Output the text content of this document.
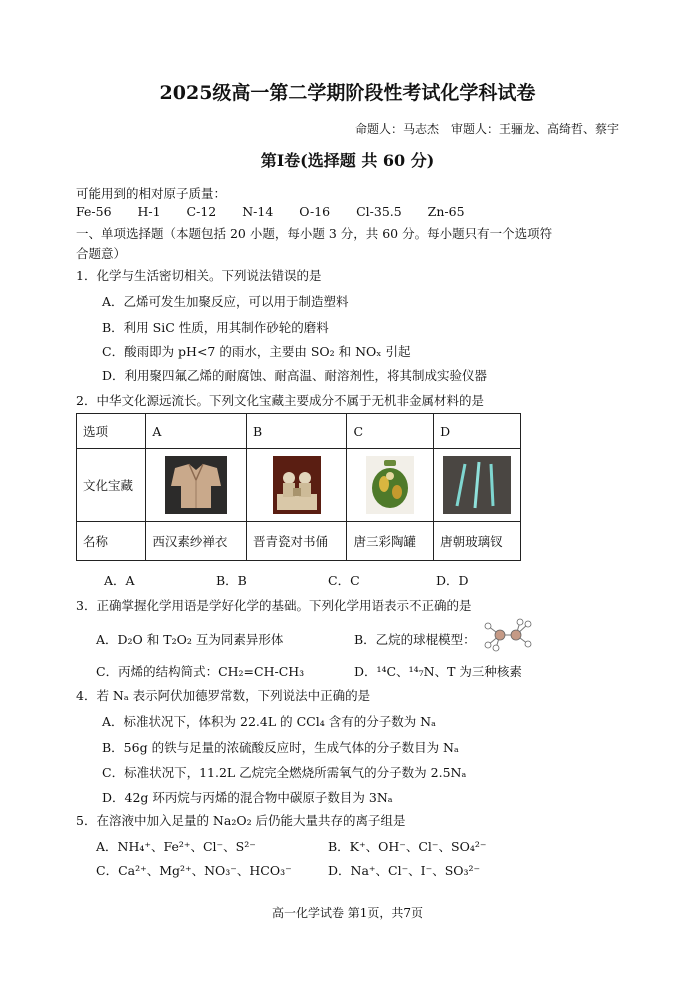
2025级高一第二学期阶段性考试化学科试卷
命题人：马志杰　审题人：王骊龙、高绮哲、蔡宇
第Ⅰ卷(选择题 共 60 分)
可能用到的相对原子质量：
Fe-56 H-1 C-12 N-14 O-16 Cl-35.5 Zn-65
一、单项选择题（本题包括 20 小题，每小题 3 分，共 60 分。每小题只有一个选项符
合题意）
1．化学与生活密切相关。下列说法错误的是
A．乙烯可发生加聚反应，可以用于制造塑料
B．利用 SiC 性质，用其制作砂轮的磨料
C．酸雨即为 pH<7 的雨水，主要由 SO₂ 和 NOₓ 引起
D．利用聚四氟乙烯的耐腐蚀、耐高温、耐溶剂性，将其制成实验仪器
2．中华文化源远流长。下列文化宝藏主要成分不属于无机非金属材料的是
选项	A	B	C	D
文化宝藏	

名称	西汉素纱禅衣	晋青瓷对书俑	唐三彩陶罐	唐朝玻璃钗
A．A	B．B	C．C	D．D
3．正确掌握化学用语是学好化学的基础。下列化学用语表示不正确的是
A．D₂O 和 T₂O₂ 互为同素异形体	B．乙烷的球棍模型：
C．丙烯的结构简式：CH₂=CH-CH₃	D．¹⁴C、¹⁴₇N、T 为三种核素
4．若 Nₐ 表示阿伏加德罗常数，下列说法中正确的是
A．标准状况下，体积为 22.4L 的 CCl₄ 含有的分子数为 Nₐ
B．56g 的铁与足量的浓硫酸反应时，生成气体的分子数目为 Nₐ
C．标准状况下，11.2L 乙烷完全燃烧所需氧气的分子数为 2.5Nₐ
D．42g 环丙烷与丙烯的混合物中碳原子数目为 3Nₐ
5．在溶液中加入足量的 Na₂O₂ 后仍能大量共存的离子组是
A．NH₄⁺、Fe²⁺、Cl⁻、S²⁻	B．K⁺、OH⁻、Cl⁻、SO₄²⁻
C．Ca²⁺、Mg²⁺、NO₃⁻、HCO₃⁻	D．Na⁺、Cl⁻、I⁻、SO₃²⁻
高一化学试卷 第1页，共7页
